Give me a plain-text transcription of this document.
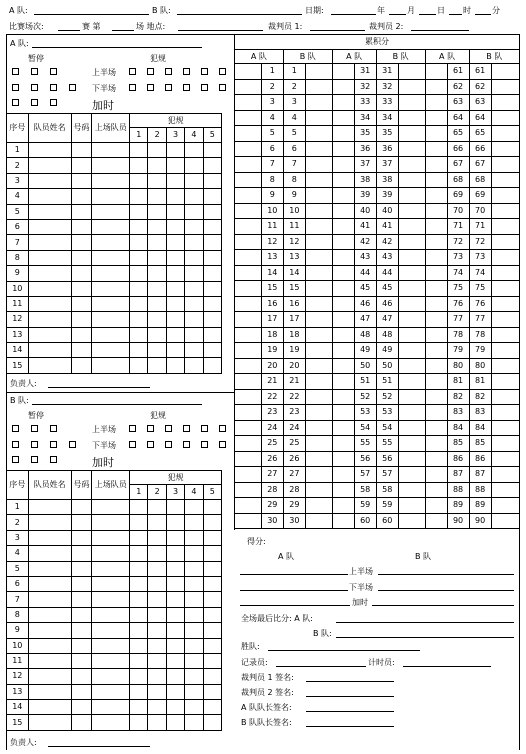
A 队:	B 队:	日期:	年	月	日 时	分
比赛场次:	赛 第	场 地点:	裁判员 1:	裁判员 2:
A 队:
暂停	犯规
上半场
下半场
加时
序号	队员姓名	号码	上场队员	犯规				
				1	2	3	4	5
1								
2								
3								
4								
5								
6								
7								
8								
9								
10								
11								
12								
13								
14								
15								
负责人:
B 队:
暂停	犯规
上半场
下半场
加时
序号	队员姓名	号码	上场队员	犯规				
				1	2	3	4	5
1								
2								
3								
4								
5								
6								
7								
8								
9								
10								
11								
12								
13								
14								
15								
负责人:
累积分											
A 队		B 队		A 队		B 队		A 队		B 队	
	1	1			31	31			61	61	
	2	2			32	32			62	62	
	3	3			33	33			63	63	
	4	4			34	34			64	64	
	5	5			35	35			65	65	
	6	6			36	36			66	66	
	7	7			37	37			67	67	
	8	8			38	38			68	68	
	9	9			39	39			69	69	
	10	10			40	40			70	70	
	11	11			41	41			71	71	
	12	12			42	42			72	72	
	13	13			43	43			73	73	
	14	14			44	44			74	74	
	15	15			45	45			75	75	
	16	16			46	46			76	76	
	17	17			47	47			77	77	
	18	18			48	48			78	78	
	19	19			49	49			79	79	
	20	20			50	50			80	80	
	21	21			51	51			81	81	
	22	22			52	52			82	82	
	23	23			53	53			83	83	
	24	24			54	54			84	84	
	25	25			55	55			85	85	
	26	26			56	56			86	86	
	27	27			57	57			87	87	
	28	28			58	58			88	88	
	29	29			59	59			89	89	
	30	30			60	60			90	90	
得分:
A 队	B 队
上半场
下半场
加时
全场最后比分: A 队:
B 队:
胜队:
记录员:	计时员:
裁判员 1 签名:
裁判员 2 签名:
A 队队长签名:
B 队队长签名:
